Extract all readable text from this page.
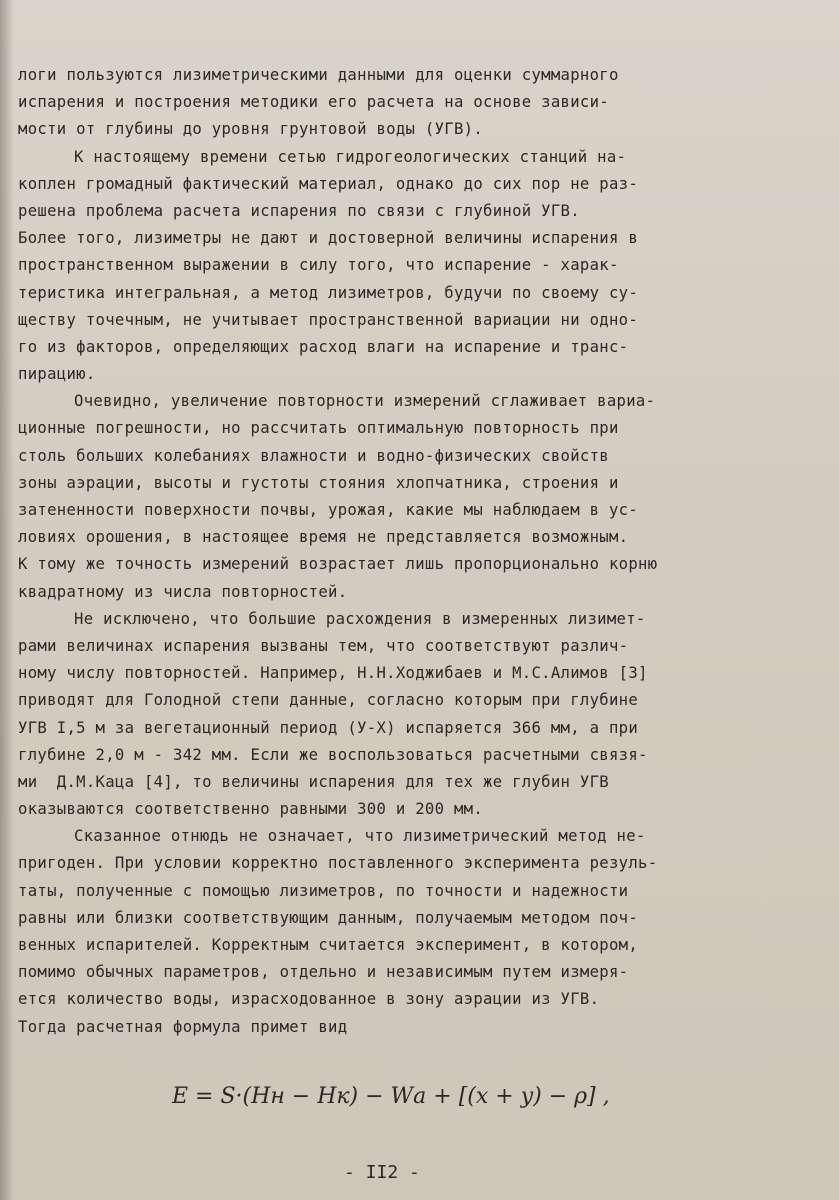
логи пользуются лизиметрическими данными для оценки суммарного
испарения и построения методики его расчета на основе зависи-
мости от глубины до уровня грунтовой воды (УГВ).
К настоящему времени сетью гидрогеологических станций на-
коплен громадный фактический материал, однако до сих пор не раз-
решена проблема расчета испарения по связи с глубиной УГВ.
Более того, лизиметры не дают и достоверной величины испарения в
пространственном выражении в силу того, что испарение - харак-
теристика интегральная, а метод лизиметров, будучи по своему су-
ществу точечным, не учитывает пространственной вариации ни одно-
го из факторов, определяющих расход влаги на испарение и транс-
пирацию.
Очевидно, увеличение повторности измерений сглаживает вариа-
ционные погрешности, но рассчитать оптимальную повторность при
столь больших колебаниях влажности и водно-физических свойств
зоны аэрации, высоты и густоты стояния хлопчатника, строения и
затененности поверхности почвы, урожая, какие мы наблюдаем в ус-
ловиях орошения, в настоящее время не представляется возможным.
К тому же точность измерений возрастает лишь пропорционально корню
квадратному из числа повторностей.
Не исключено, что большие расхождения в измеренных лизимет-
рами величинах испарения вызваны тем, что соответствуют различ-
ному числу повторностей. Например, Н.Н.Ходжибаев и М.С.Алимов [3]
приводят для Голодной степи данные, согласно которым при глубине
УГВ I,5 м за вегетационный период (У-Х) испаряется 366 мм, а при
глубине 2,0 м - 342 мм. Если же воспользоваться расчетными связя-
ми  Д.М.Каца [4], то величины испарения для тех же глубин УГВ
оказываются соответственно равными 300 и 200 мм.
Сказанное отнюдь не означает, что лизиметрический метод не-
пригоден. При условии корректно поставленного эксперимента резуль-
таты, полученные с помощью лизиметров, по точности и надежности
равны или близки соответствующим данным, получаемым методом поч-
венных испарителей. Корректным считается эксперимент, в котором,
помимо обычных параметров, отдельно и независимым путем измеря-
ется количество воды, израсходованное в зону аэрации из УГВ.
Тогда расчетная формула примет вид
E = S·(Hн − Hк) − Wа + [(x + y) − ρ] ,
- II2 -
